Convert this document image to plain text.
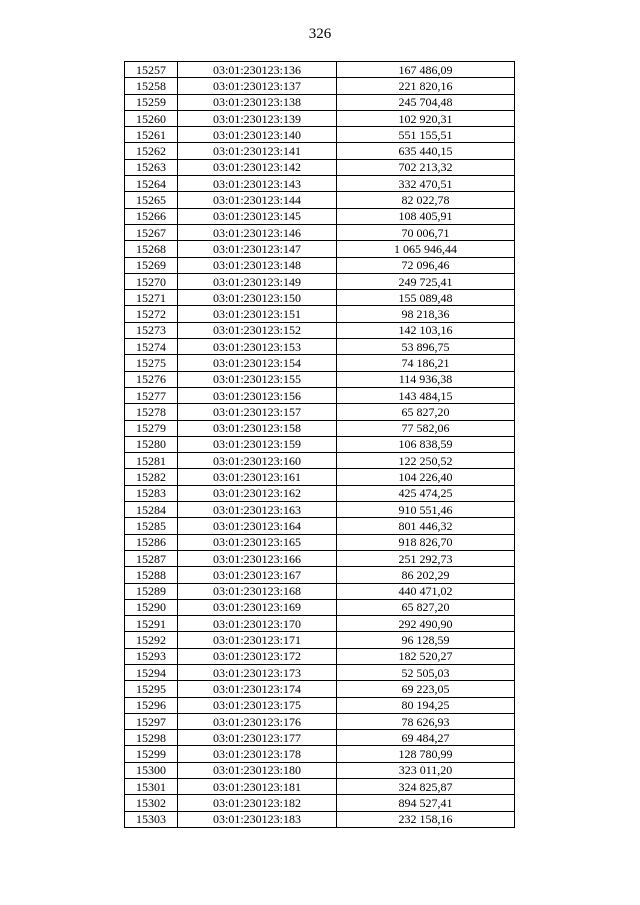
326
15257	03:01:230123:136	167 486,09
15258	03:01:230123:137	221 820,16
15259	03:01:230123:138	245 704,48
15260	03:01:230123:139	102 920,31
15261	03:01:230123:140	551 155,51
15262	03:01:230123:141	635 440,15
15263	03:01:230123:142	702 213,32
15264	03:01:230123:143	332 470,51
15265	03:01:230123:144	82 022,78
15266	03:01:230123:145	108 405,91
15267	03:01:230123:146	70 006,71
15268	03:01:230123:147	1 065 946,44
15269	03:01:230123:148	72 096,46
15270	03:01:230123:149	249 725,41
15271	03:01:230123:150	155 089,48
15272	03:01:230123:151	98 218,36
15273	03:01:230123:152	142 103,16
15274	03:01:230123:153	53 896,75
15275	03:01:230123:154	74 186,21
15276	03:01:230123:155	114 936,38
15277	03:01:230123:156	143 484,15
15278	03:01:230123:157	65 827,20
15279	03:01:230123:158	77 582,06
15280	03:01:230123:159	106 838,59
15281	03:01:230123:160	122 250,52
15282	03:01:230123:161	104 226,40
15283	03:01:230123:162	425 474,25
15284	03:01:230123:163	910 551,46
15285	03:01:230123:164	801 446,32
15286	03:01:230123:165	918 826,70
15287	03:01:230123:166	251 292,73
15288	03:01:230123:167	86 202,29
15289	03:01:230123:168	440 471,02
15290	03:01:230123:169	65 827,20
15291	03:01:230123:170	292 490,90
15292	03:01:230123:171	96 128,59
15293	03:01:230123:172	182 520,27
15294	03:01:230123:173	52 505,03
15295	03:01:230123:174	69 223,05
15296	03:01:230123:175	80 194,25
15297	03:01:230123:176	78 626,93
15298	03:01:230123:177	69 484,27
15299	03:01:230123:178	128 780,99
15300	03:01:230123:180	323 011,20
15301	03:01:230123:181	324 825,87
15302	03:01:230123:182	894 527,41
15303	03:01:230123:183	232 158,16
